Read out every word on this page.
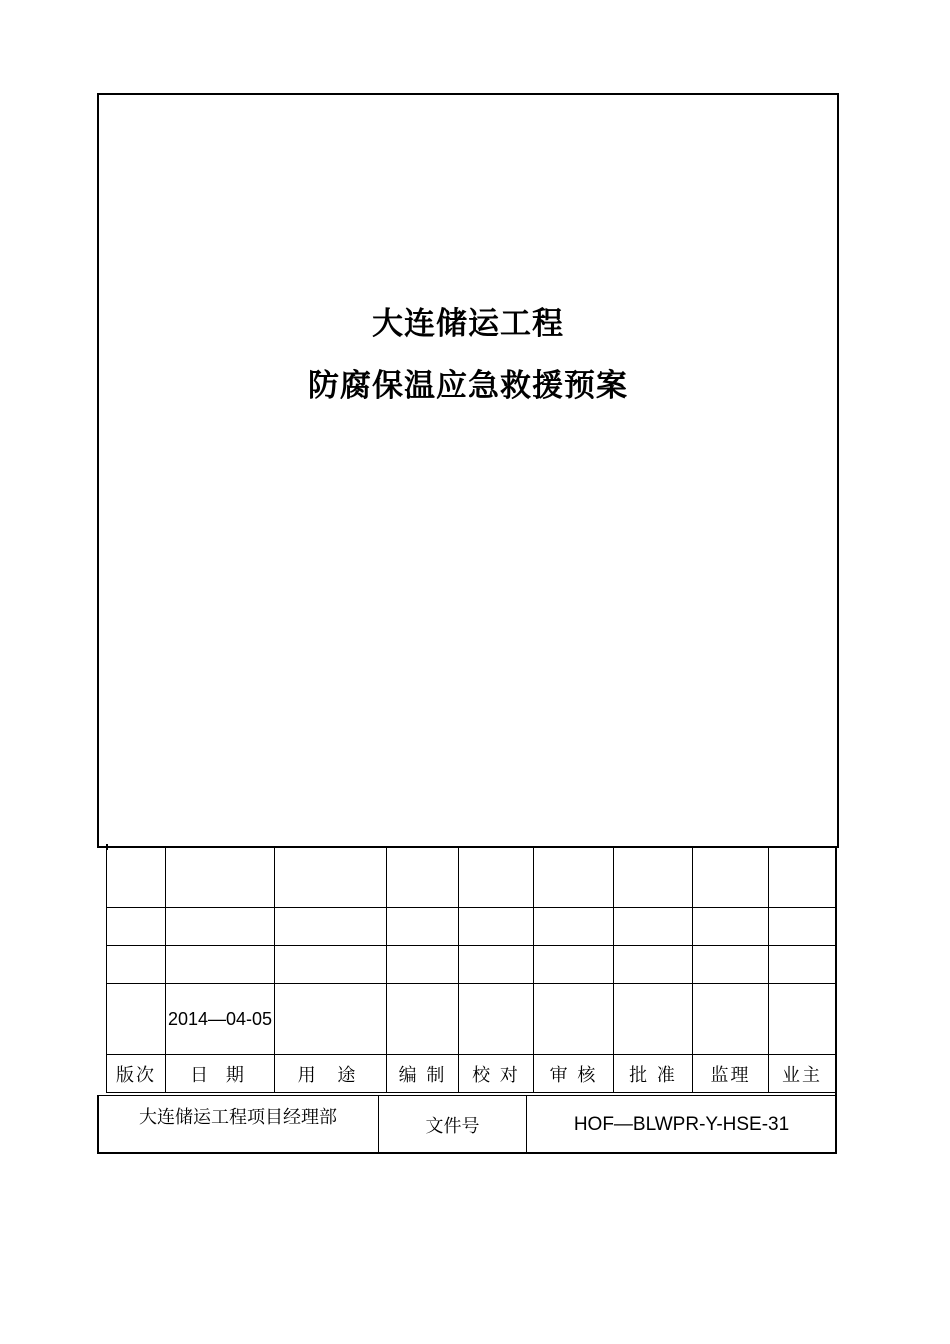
大连储运工程
防腐保温应急救援预案

	2014—04-05							
版次	日 期	用 途	编 制	校 对	审 核	批 准	监理	业主
大连储运工程项目经理部	文件号	HOF—BLWPR-Y-HSE-31
